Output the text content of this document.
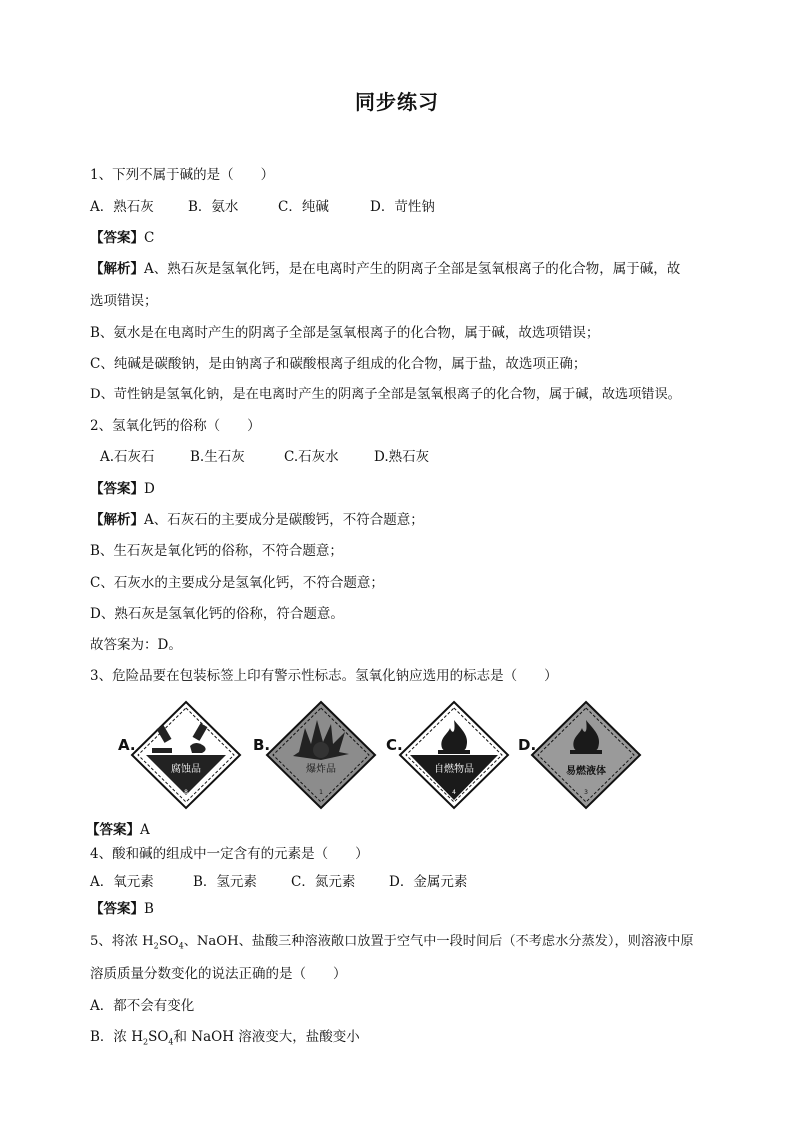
同步练习
1、下列不属于碱的是（　　）
A．熟石灰	B．氨水	C．纯碱	D．苛性钠
【答案】C
【解析】A、熟石灰是氢氧化钙，是在电离时产生的阴离子全部是氢氧根离子的化合物，属于碱，故
选项错误；
B、氨水是在电离时产生的阴离子全部是氢氧根离子的化合物，属于碱，故选项错误；
C、纯碱是碳酸钠，是由钠离子和碳酸根离子组成的化合物，属于盐，故选项正确；
D、苛性钠是氢氧化钠，是在电离时产生的阴离子全部是氢氧根离子的化合物，属于碱，故选项错误。
2、氢氧化钙的俗称（　　）
A.石灰石	B.生石灰	C.石灰水	D.熟石灰
【答案】D
【解析】A、石灰石的主要成分是碳酸钙，不符合题意；
B、生石灰是氧化钙的俗称，不符合题意；
C、石灰水的主要成分是氢氧化钙，不符合题意；
D、熟石灰是氢氧化钙的俗称，符合题意。
故答案为：D。
3、危险品要在包装标签上印有警示性标志。氢氧化钠应选用的标志是（　　）
A.
腐蚀品
8
B.
爆炸品
1
C.
自燃物品
4
D.
易燃液体
3
【答案】A
4、酸和碱的组成中一定含有的元素是（　　）
A．氧元素	B．氢元素	C．氮元素 D．金属元素
【答案】B
5、将浓 $H_2SO_4$、NaOH、盐酸三种溶液敞口放置于空气中一段时间后（不考虑水分蒸发），则溶液中原
溶质质量分数变化的说法正确的是（　　）
A．都不会有变化
B．浓 $H_2SO_4$和 NaOH 溶液变大，盐酸变小
